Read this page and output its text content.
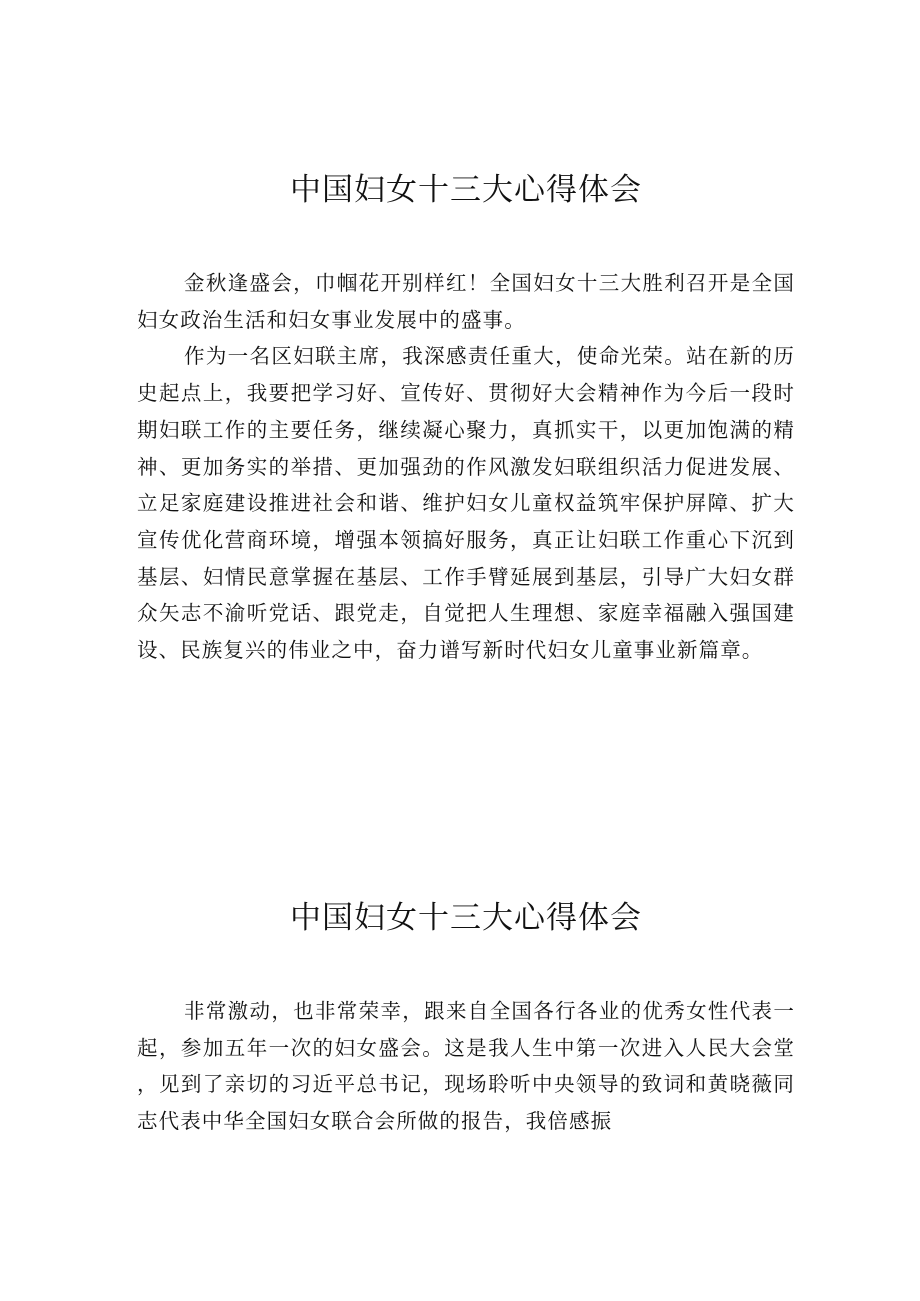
中国妇女十三大心得体会

金秋逢盛会，巾帼花开别样红！全国妇女十三大胜利召开是全国妇女政治生活和妇女事业发展中的盛事。

作为一名区妇联主席，我深感责任重大，使命光荣。站在新的历史起点上，我要把学习好、宣传好、贯彻好大会精神作为今后一段时期妇联工作的主要任务，继续凝心聚力，真抓实干，以更加饱满的精神、更加务实的举措、更加强劲的作风激发妇联组织活力促进发展、立足家庭建设推进社会和谐、维护妇女儿童权益筑牢保护屏障、扩大宣传优化营商环境，增强本领搞好服务，真正让妇联工作重心下沉到基层、妇情民意掌握在基层、工作手臂延展到基层，引导广大妇女群众矢志不渝听党话、跟党走，自觉把人生理想、家庭幸福融入强国建设、民族复兴的伟业之中，奋力谱写新时代妇女儿童事业新篇章。

中国妇女十三大心得体会

非常激动，也非常荣幸，跟来自全国各行各业的优秀女性代表一起，参加五年一次的妇女盛会。这是我人生中第一次进入人民大会堂，见到了亲切的习近平总书记，现场聆听中央领导的致词和黄晓薇同志代表中华全国妇女联合会所做的报告，我倍感振
